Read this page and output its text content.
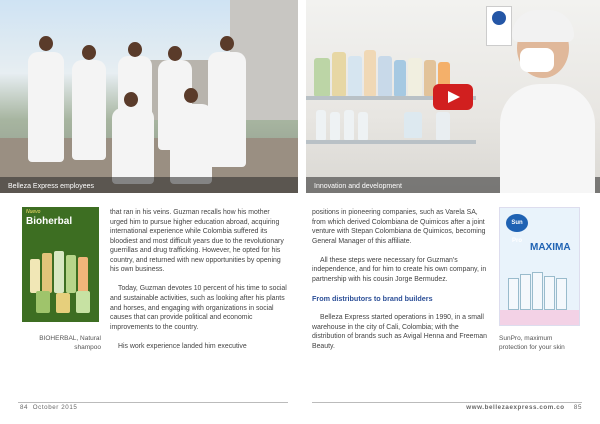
Belleza Express employees	Innovation and development
Nuevo
Bioherbal	Sun Pro
MAXIMA
BIOHERBAL, Natural
shampoo
SunPro, maximum
protection for your skin

that ran in his veins. Guzman recalls how his mother urged him to pursue higher education abroad, acquiring international experience while Colombia suffered its bloodiest and most difficult years due to the revolutionary guerrillas and drug trafficking. However, he opted for his country, and returned with new opportunities by opening his own business.

Today, Guzman devotes 10 percent of his time to social and sustainable activities, such as looking after his plants and horses, and engaging with organizations in social causes that can provide political and economic improvements to the country.

His work experience landed him executive

positions in pioneering companies, such as Varela SA, from which derived Colombiana de Quimicos after a joint venture with Stepan Colombiana de Quimicos, becoming General Manager of this affiliate.

All these steps were necessary for Guzman's independence, and for him to create his own company, in partnership with his cousin Jorge Bermudez.

From distributors to brand builders

Belleza Express started operations in 1990, in a small warehouse in the city of Cali, Colombia; with the distribution of brands such as Avigal Henna and Freeman Beauty.

84 October 2015	www.bellezaexpress.com.co 85
